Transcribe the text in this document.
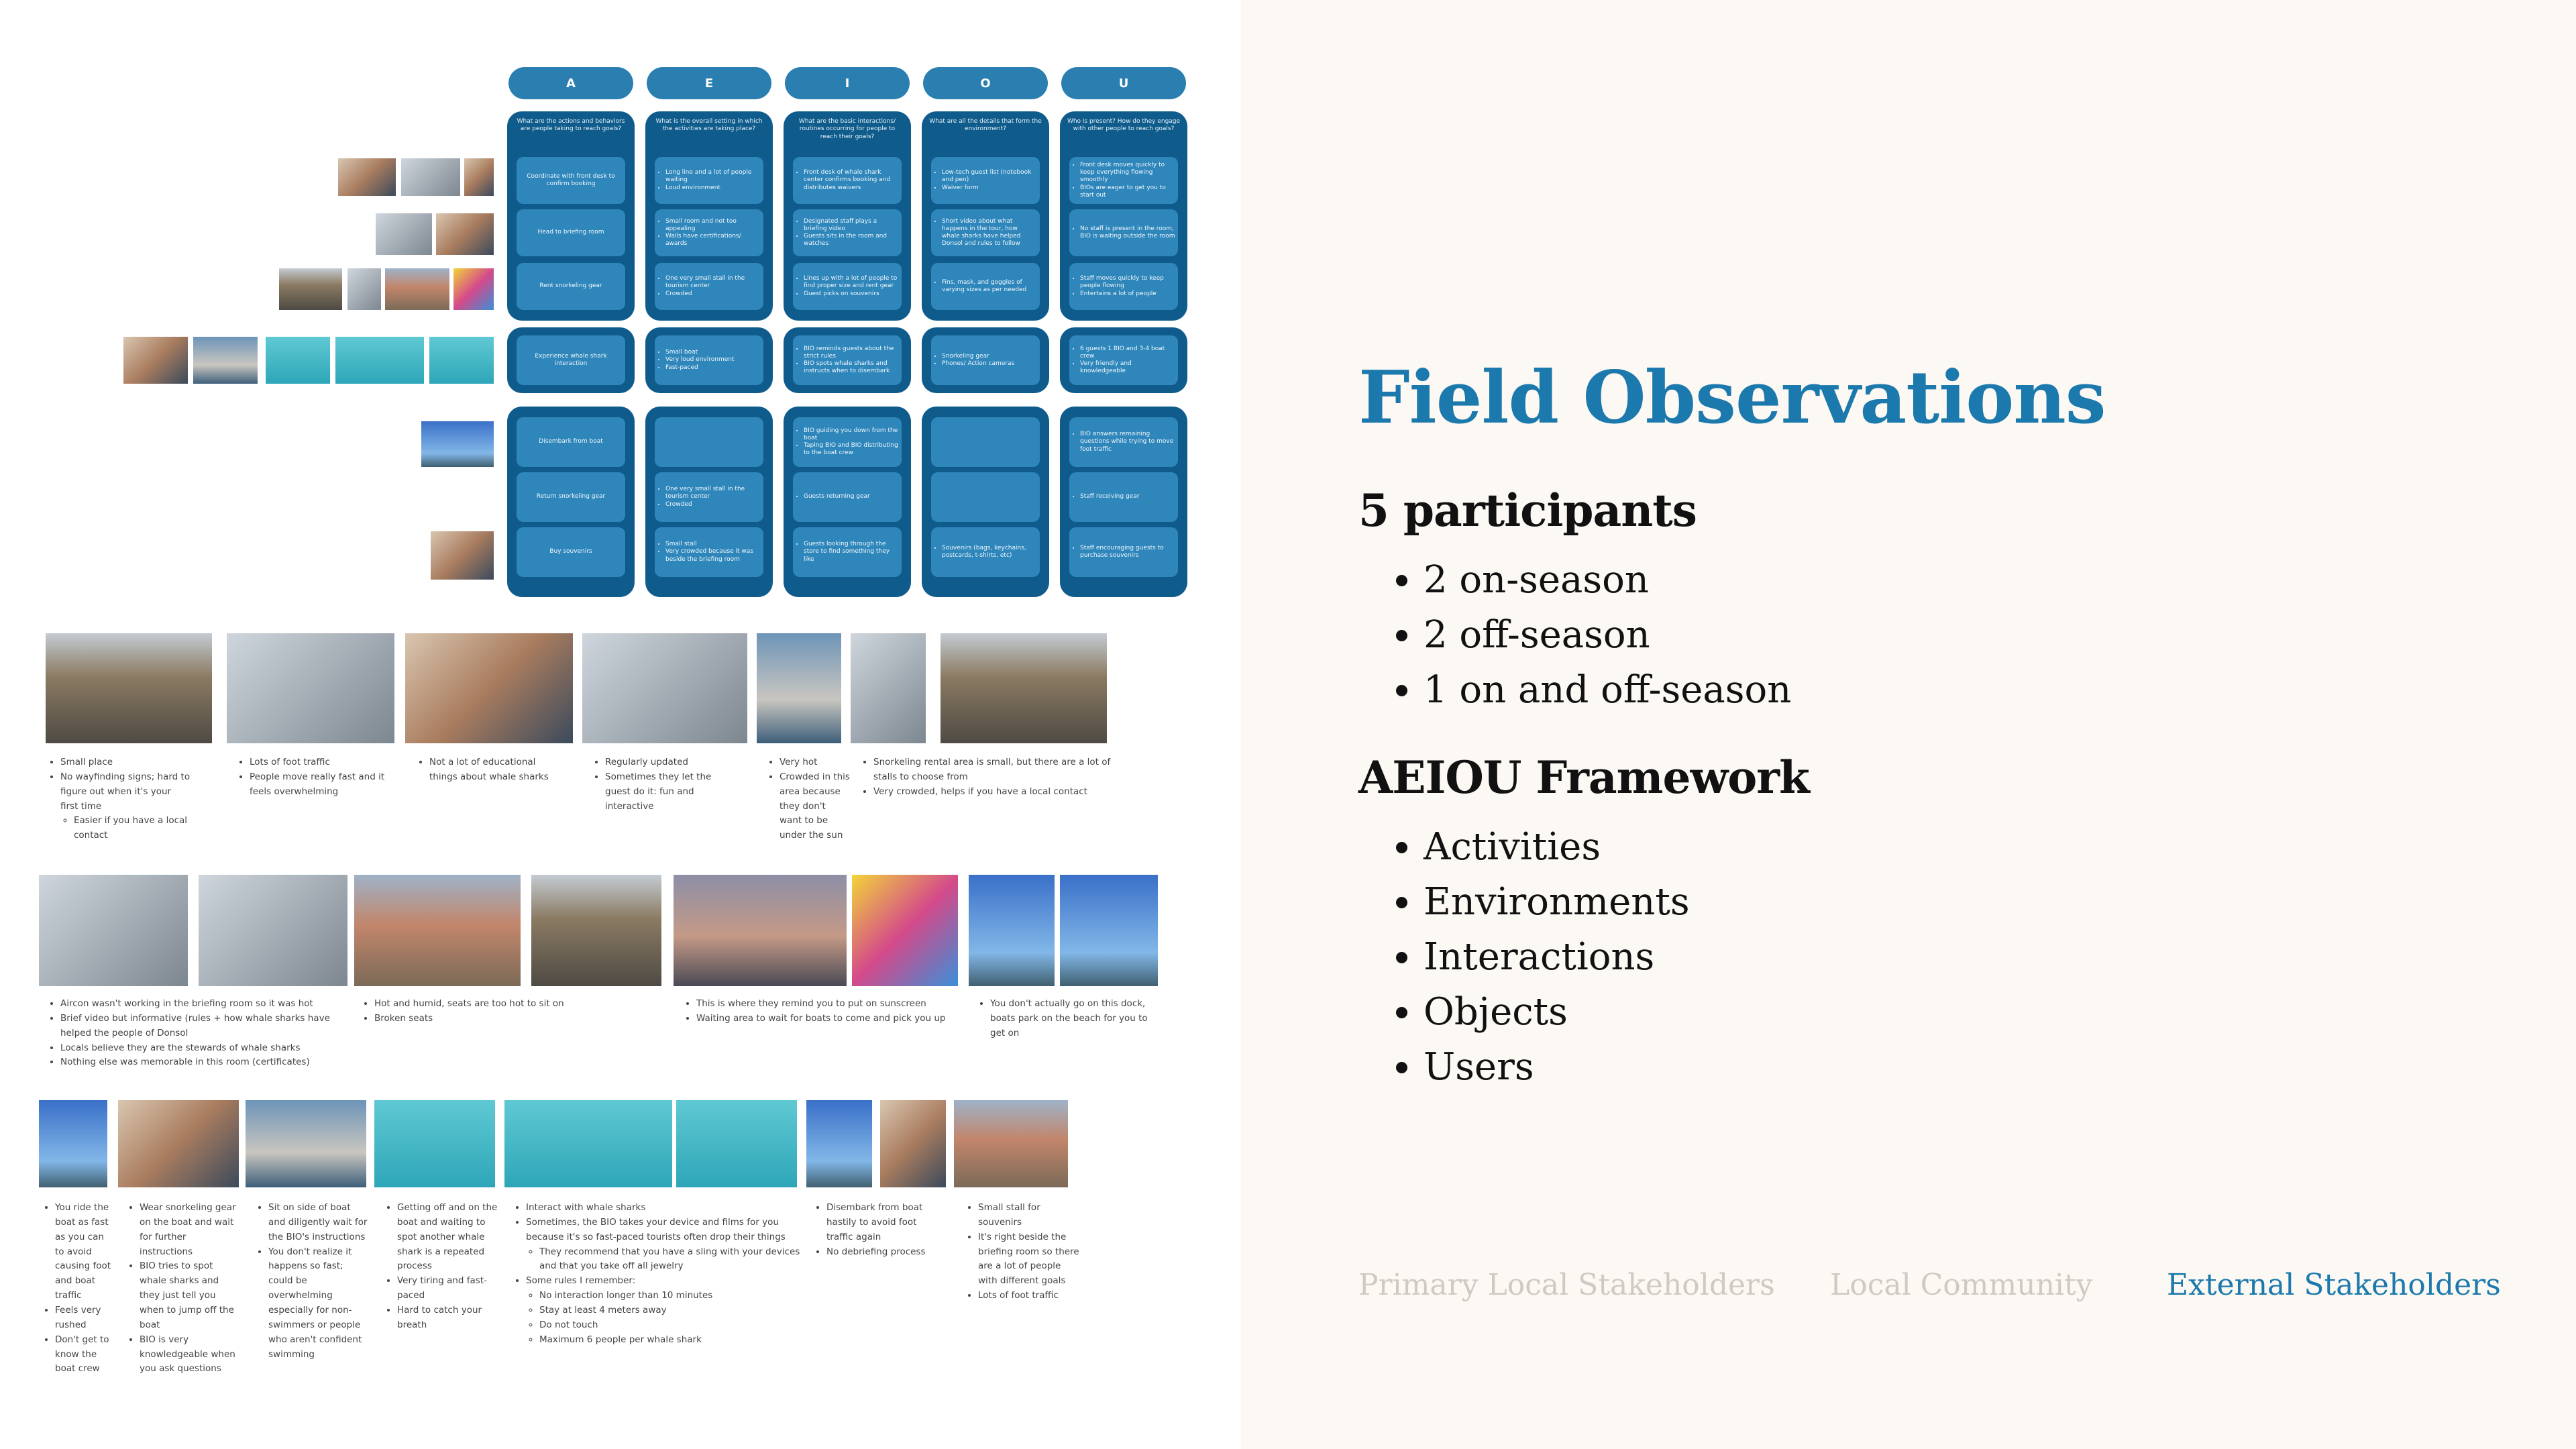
A
What are the actions and behaviors are people taking to reach goals?
Coordinate with front desk to confirm booking
Head to briefing room
Rent snorkeling gear
Experience whale shark interaction
Disembark from boat
Return snorkeling gear
Buy souvenirs
E
What is the overall setting in which the activities are taking place?
• Long line and a lot of people waiting
• Loud environment
• Small room and not too appealing
• Walls have certifications/ awards
• One very small stall in the tourism center
• Crowded
• Small boat
• Very loud environment
• Fast-paced
• One very small stall in the tourism center
• Crowded
• Small stall
• Very crowded because it was beside the briefing room
I
What are the basic interactions/ routines occurring for people to reach their goals?
• Front desk of whale shark center confirms booking and distributes waivers
• Designated staff plays a briefing video
• Guests sits in the room and watches
• Lines up with a lot of people to find proper size and rent gear
• Guest picks on souvenirs
• BIO reminds guests about the strict rules
• BIO spots whale sharks and instructs when to disembark
• BIO guiding you down from the boat
• Taping BIO and BIO distributing to the boat crew
• Guests returning gear
• Guests looking through the store to find something they like
O
What are all the details that form the environment?
• Low-tech guest list (notebook and pen)
• Waiver form
• Short video about what happens in the tour, how whale sharks have helped Donsol and rules to follow
• Fins, mask, and goggles of varying sizes as per needed
• Snorkeling gear
• Phones/ Action cameras
• Souvenirs (bags, keychains, postcards, t-shirts, etc)
U
Who is present? How do they engage with other people to reach goals?
• Front desk moves quickly to keep everything flowing smoothly
• BIOs are eager to get you to start out
• No staff is present in the room, BIO is waiting outside the room
• Staff moves quickly to keep people flowing
• Entertains a lot of people
• 6 guests 1 BIO and 3-4 boat crew
• Very friendly and knowledgeable
• BIO answers remaining questions while trying to move foot traffic
• Staff receiving gear
• Staff encouraging guests to purchase souvenirs
• Small place
• No wayfinding signs; hard to figure out when it's your first time
◦ Easier if you have a local contact
• Lots of foot traffic
• People move really fast and it feels overwhelming
• Not a lot of educational things about whale sharks
• Regularly updated
• Sometimes they let the guest do it: fun and interactive
• Very hot
• Crowded in this area because they don't want to be under the sun
• Snorkeling rental area is small, but there are a lot of stalls to choose from
• Very crowded, helps if you have a local contact
• Aircon wasn't working in the briefing room so it was hot
• Brief video but informative (rules + how whale sharks have helped the people of Donsol
• Locals believe they are the stewards of whale sharks
• Nothing else was memorable in this room (certificates)
• Hot and humid, seats are too hot to sit on
• Broken seats
• This is where they remind you to put on sunscreen
• Waiting area to wait for boats to come and pick you up
• You don't actually go on this dock, boats park on the beach for you to get on
• You ride the boat as fast as you can to avoid causing foot and boat traffic
• Feels very rushed
• Don't get to know the boat crew
• Wear snorkeling gear on the boat and wait for further instructions
• BIO tries to spot whale sharks and they just tell you when to jump off the boat
• BIO is very knowledgeable when you ask questions
• Sit on side of boat and diligently wait for the BIO's instructions
• You don't realize it happens so fast; could be overwhelming especially for non-swimmers or people who aren't confident swimming
• Getting off and on the boat and waiting to spot another whale shark is a repeated process
• Very tiring and fast-paced
• Hard to catch your breath
• Interact with whale sharks
• Sometimes, the BIO takes your device and films for you because it's so fast-paced tourists often drop their things
◦ They recommend that you have a sling with your devices and that you take off all jewelry
• Some rules I remember:
◦ No interaction longer than 10 minutes
◦ Stay at least 4 meters away
◦ Do not touch
◦ Maximum 6 people per whale shark
• Disembark from boat hastily to avoid foot traffic again
• No debriefing process
• Small stall for souvenirs
• It's right beside the briefing room so there are a lot of people with different goals
• Lots of foot traffic
Field Observations
5 participants
• 2 on-season
• 2 off-season
• 1 on and off-season
AEIOU Framework
• Activities
• Environments
• Interactions
• Objects
• Users
Primary Local Stakeholders Local Community	External Stakeholders
